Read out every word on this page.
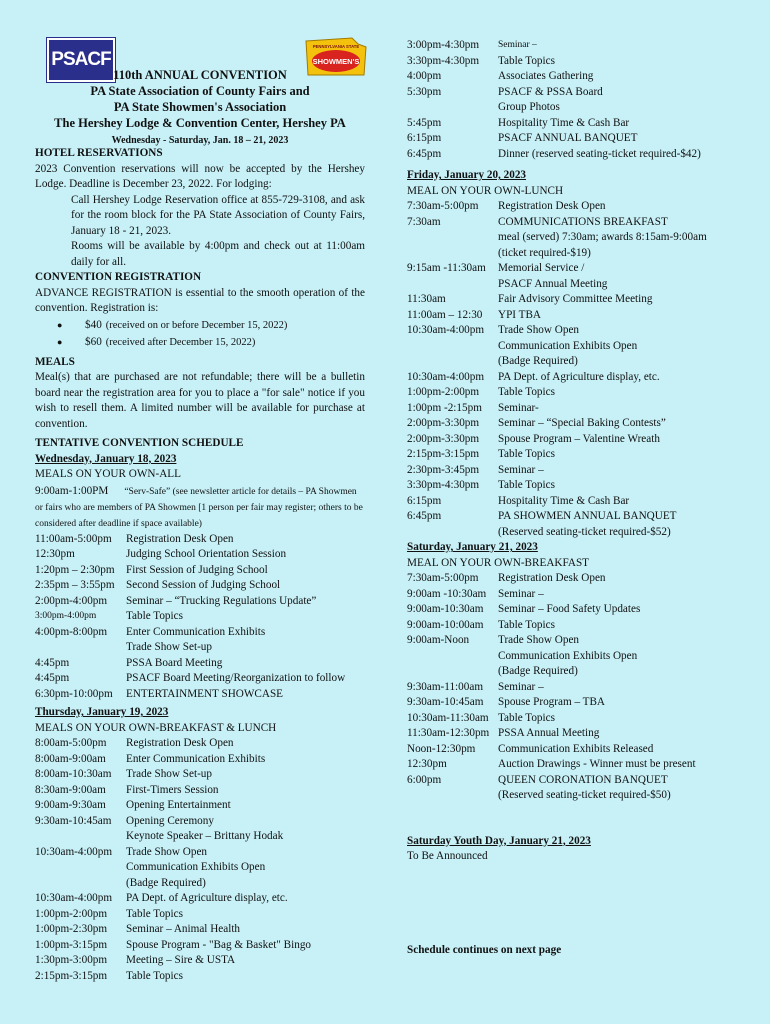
PSACF	SHOWMEN'S
PENNSYLVANIA STATE
110th ANNUAL CONVENTION
PA State Association of County Fairs and
PA State Showmen's Association
The Hershey Lodge & Convention Center, Hershey PA
Wednesday - Saturday, Jan. 18 – 21, 2023
HOTEL RESERVATIONS
2023 Convention reservations will now be accepted by the Hershey Lodge. Deadline is December 23, 2022. For lodging:
Call Hershey Lodge Reservation office at 855-729-3108, and ask for the room block for the PA State Association of County Fairs, January 18 - 21, 2023.
Rooms will be available by 4:00pm and check out at 11:00am daily for all.
CONVENTION REGISTRATION
ADVANCE REGISTRATION is essential to the smooth operation of the convention. Registration is:
●	$40 (received on or before December 15, 2022)
●	$60 (received after December 15, 2022)
MEALS
Meal(s) that are purchased are not refundable; there will be a bulletin board near the registration area for you to place a "for sale" notice if you wish to resell them. A limited number will be available for purchase at convention.
TENTATIVE CONVENTION SCHEDULE
Wednesday, January 18, 2023
MEALS ON YOUR OWN-ALL
9:00am-1:00PM “Serv-Safe” (see newsletter article for details – PA Showmen or fairs who are members of PA Showmen [1 person per fair may register; others to be considered after deadline if space available)
11:00am-5:00pm	Registration Desk Open
12:30pm	Judging School Orientation Session
1:20pm – 2:30pm	First Session of Judging School
2:35pm – 3:55pm	Second Session of Judging School
2:00pm-4:00pm	Seminar – “Trucking Regulations Update”
3:00pm-4:00pm	Table Topics
4:00pm-8:00pm	Enter Communication Exhibits
Trade Show Set-up
4:45pm	PSSA Board Meeting
4:45pm	PSACF Board Meeting/Reorganization to follow
6:30pm-10:00pm	ENTERTAINMENT SHOWCASE
Thursday, January 19, 2023
MEALS ON YOUR OWN-BREAKFAST & LUNCH
8:00am-5:00pm	Registration Desk Open
8:00am-9:00am	Enter Communication Exhibits
8:00am-10:30am	Trade Show Set-up
8:30am-9:00am	First-Timers Session
9:00am-9:30am	Opening Entertainment
9:30am-10:45am	Opening Ceremony
Keynote Speaker – Brittany Hodak
10:30am-4:00pm	Trade Show Open
Communication Exhibits Open
(Badge Required)
10:30am-4:00pm	PA Dept. of Agriculture display, etc.
1:00pm-2:00pm	Table Topics
1:00pm-2:30pm	Seminar – Animal Health
1:00pm-3:15pm	Spouse Program - "Bag & Basket" Bingo
1:30pm-3:00pm	Meeting – Sire & USTA
2:15pm-3:15pm	Table Topics
3:00pm-4:30pm	Seminar –
3:30pm-4:30pm	Table Topics
4:00pm	Associates Gathering
5:30pm	PSACF & PSSA Board
Group Photos
5:45pm	Hospitality Time & Cash Bar
6:15pm	PSACF ANNUAL BANQUET
6:45pm	Dinner (reserved seating-ticket required-$42)
Friday, January 20, 2023
MEAL ON YOUR OWN-LUNCH
7:30am-5:00pm	Registration Desk Open
7:30am	COMMUNICATIONS BREAKFAST
meal (served) 7:30am; awards 8:15am-9:00am
(ticket required-$19)
9:15am -11:30am	Memorial Service /
PSACF Annual Meeting
11:30am	Fair Advisory Committee Meeting
11:00am – 12:30	YPI TBA
10:30am-4:00pm	Trade Show Open
Communication Exhibits Open
(Badge Required)
10:30am-4:00pm	PA Dept. of Agriculture display, etc.
1:00pm-2:00pm	Table Topics
1:00pm -2:15pm	Seminar-
2:00pm-3:30pm	Seminar – “Special Baking Contests”
2:00pm-3:30pm	Spouse Program – Valentine Wreath
2:15pm-3:15pm	Table Topics
2:30pm-3:45pm	Seminar –
3:30pm-4:30pm	Table Topics
6:15pm	Hospitality Time & Cash Bar
6:45pm	PA SHOWMEN ANNUAL BANQUET
(Reserved seating-ticket required-$52)
Saturday, January 21, 2023
MEAL ON YOUR OWN-BREAKFAST
7:30am-5:00pm	Registration Desk Open
9:00am -10:30am	Seminar –
9:00am-10:30am	Seminar – Food Safety Updates
9:00am-10:00am	Table Topics
9:00am-Noon	Trade Show Open
Communication Exhibits Open
(Badge Required)
9:30am-11:00am	Seminar –
9:30am-10:45am	Spouse Program – TBA
10:30am-11:30am Table Topics
11:30am-12:30pm PSSA Annual Meeting
Noon-12:30pm	Communication Exhibits Released
12:30pm	Auction Drawings - Winner must be present
6:00pm	QUEEN CORONATION BANQUET
(Reserved seating-ticket required-$50)
Saturday Youth Day, January 21, 2023
To Be Announced
Schedule continues on next page
